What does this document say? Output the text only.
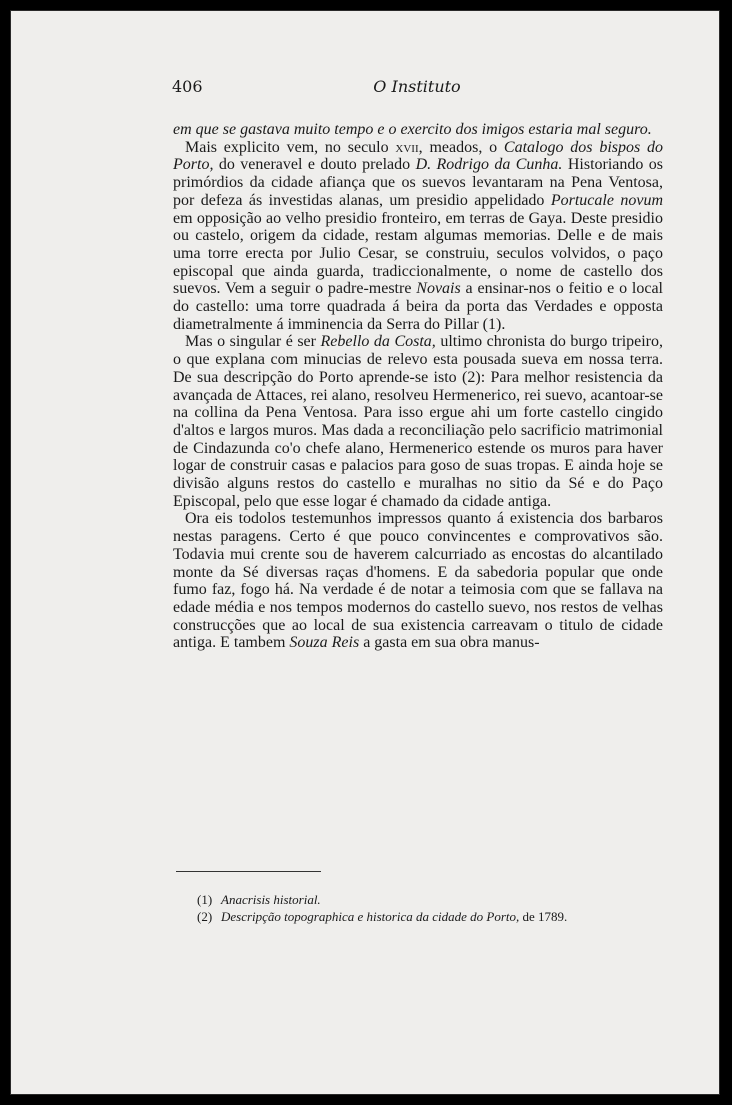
406	O Instituto

em que se gastava muito tempo e o exercito dos imigos estaria mal seguro.

Mais explicito vem, no seculo xvii, meados, o Catalogo dos bispos do Porto, do veneravel e douto prelado D. Rodrigo da Cunha. Historiando os primórdios da cidade afiança que os suevos levantaram na Pena Ventosa, por defeza ás investidas alanas, um presidio appelidado Portucale novum em opposição ao velho presidio fronteiro, em terras de Gaya. Deste presidio ou castelo, origem da cidade, restam algumas memorias. Delle e de mais uma torre erecta por Julio Cesar, se construiu, seculos volvidos, o paço episcopal que ainda guarda, tradiccionalmente, o nome de castello dos suevos. Vem a seguir o padre-mestre Novais a ensinar-nos o feitio e o local do castello: uma torre quadrada á beira da porta das Verdades e opposta diametralmente á imminencia da Serra do Pillar (1).

Mas o singular é ser Rebello da Costa, ultimo chronista do burgo tripeiro, o que explana com minucias de relevo esta pousada sueva em nossa terra. De sua descripção do Porto aprende-se isto (2): Para melhor resistencia da avançada de Attaces, rei alano, resolveu Hermenerico, rei suevo, acantoar-se na collina da Pena Ventosa. Para isso ergue ahi um forte castello cingido d'altos e largos muros. Mas dada a reconciliação pelo sacrificio matrimonial de Cindazunda co'o chefe alano, Hermenerico estende os muros para haver logar de construir casas e palacios para goso de suas tropas. E ainda hoje se divisão alguns restos do castello e muralhas no sitio da Sé e do Paço Episcopal, pelo que esse logar é chamado da cidade antiga.

Ora eis todolos testemunhos impressos quanto á existencia dos barbaros nestas paragens. Certo é que pouco convincentes e comprovativos são. Todavia mui crente sou de haverem calcurriado as encostas do alcantilado monte da Sé diversas raças d'homens. E da sabedoria popular que onde fumo faz, fogo há. Na verdade é de notar a teimosia com que se fallava na edade média e nos tempos modernos do castello suevo, nos restos de velhas construcções que ao local de sua existencia carreavam o titulo de cidade antiga. E tambem Souza Reis a gasta em sua obra manus-

(1) Anacrisis historial.
(2) Descripção topographica e historica da cidade do Porto, de 1789.
